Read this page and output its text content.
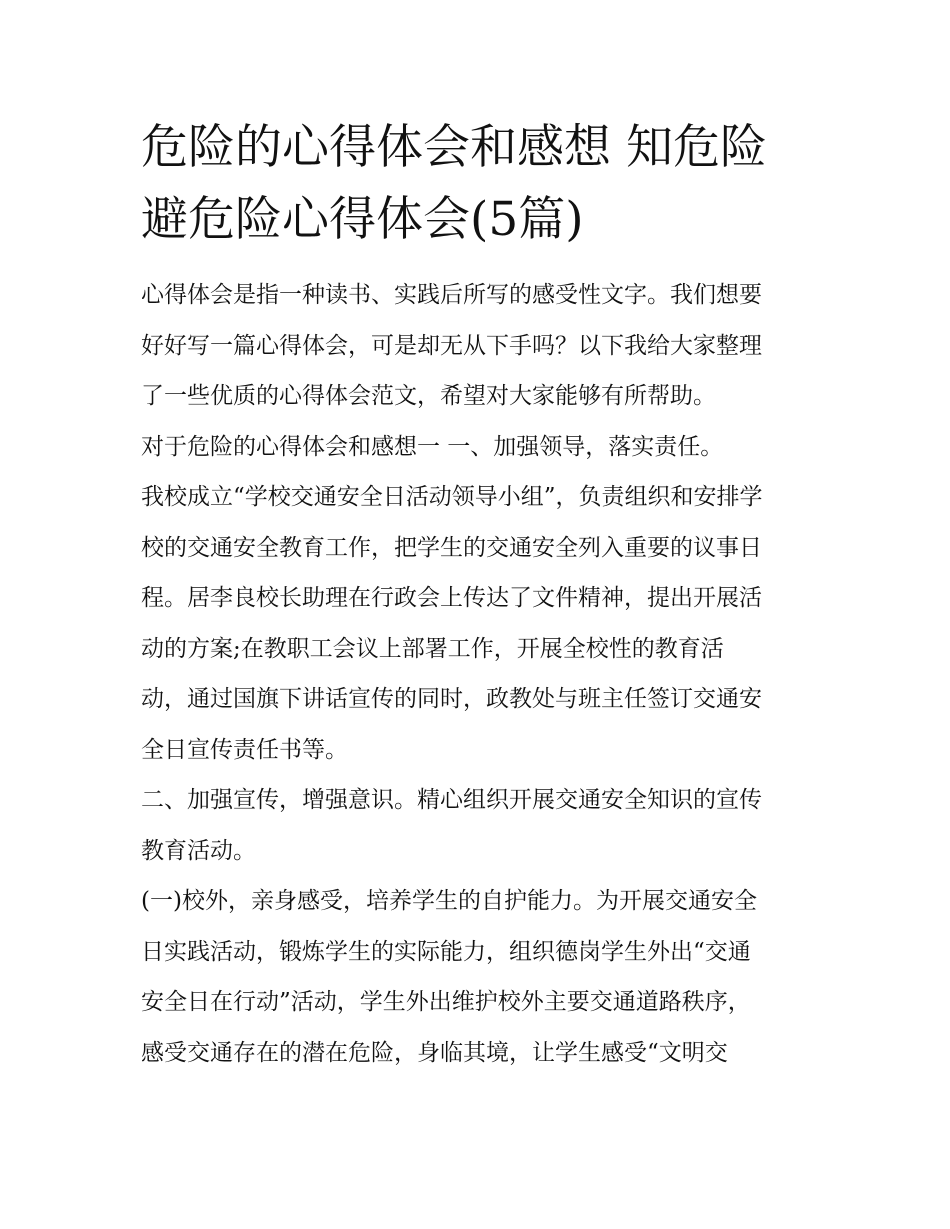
危险的心得体会和感想 知危险
避危险心得体会(5篇)

心得体会是指一种读书、实践后所写的感受性文字。我们想要
好好写一篇心得体会，可是却无从下手吗？以下我给大家整理
了一些优质的心得体会范文，希望对大家能够有所帮助。

对于危险的心得体会和感想一 一、加强领导，落实责任。

我校成立“学校交通安全日活动领导小组”，负责组织和安排学
校的交通安全教育工作，把学生的交通安全列入重要的议事日
程。居李良校长助理在行政会上传达了文件精神，提出开展活
动的方案;在教职工会议上部署工作，开展全校性的教育活
动，通过国旗下讲话宣传的同时，政教处与班主任签订交通安
全日宣传责任书等。

二、加强宣传，增强意识。精心组织开展交通安全知识的宣传
教育活动。

(一)校外，亲身感受，培养学生的自护能力。为开展交通安全
日实践活动，锻炼学生的实际能力，组织德岗学生外出“交通
安全日在行动”活动，学生外出维护校外主要交通道路秩序，
感受交通存在的潜在危险，身临其境，让学生感受“文明交
